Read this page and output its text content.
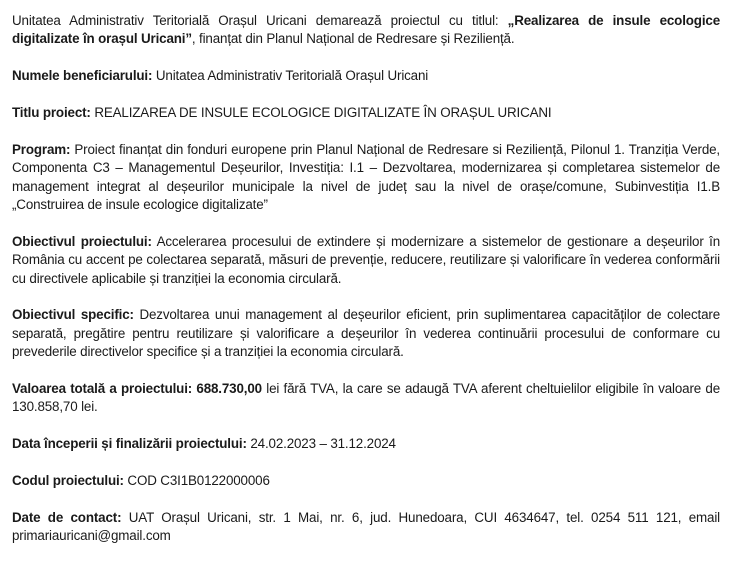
Unitatea Administrativ Teritorială Orașul Uricani demarează proiectul cu titlul: „Realizarea de insule ecologice digitalizate în orașul Uricani”, finanțat din Planul Național de Redresare și Reziliență.

Numele beneficiarului: Unitatea Administrativ Teritorială Orașul Uricani

Titlu proiect: REALIZAREA DE INSULE ECOLOGICE DIGITALIZATE ÎN ORAȘUL URICANI

Program: Proiect finanțat din fonduri europene prin Planul Național de Redresare si Reziliență, Pilonul 1. Tranziția Verde, Componenta C3 – Managementul Deșeurilor, Investiția: I.1 – Dezvoltarea, modernizarea și completarea sistemelor de management integrat al deșeurilor municipale la nivel de județ sau la nivel de orașe/comune, Subinvestiția I1.B „Construirea de insule ecologice digitalizate”

Obiectivul proiectului: Accelerarea procesului de extindere și modernizare a sistemelor de gestionare a deșeurilor în România cu accent pe colectarea separată, măsuri de prevenție, reducere, reutilizare și valorificare în vederea conformării cu directivele aplicabile și tranziției la economia circulară.

Obiectivul specific: Dezvoltarea unui management al deșeurilor eficient, prin suplimentarea capacităților de colectare separată, pregătire pentru reutilizare și valorificare a deșeurilor în vederea continuării procesului de conformare cu prevederile directivelor specifice și a tranziției la economia circulară.

Valoarea totală a proiectului: 688.730,00 lei fără TVA, la care se adaugă TVA aferent cheltuielilor eligibile în valoare de 130.858,70 lei.

Data începerii și finalizării proiectului: 24.02.2023 – 31.12.2024

Codul proiectului: COD C3I1B0122000006

Date de contact: UAT Orașul Uricani, str. 1 Mai, nr. 6, jud. Hunedoara, CUI 4634647, tel. 0254 511 121, email primariauricani@gmail.com
